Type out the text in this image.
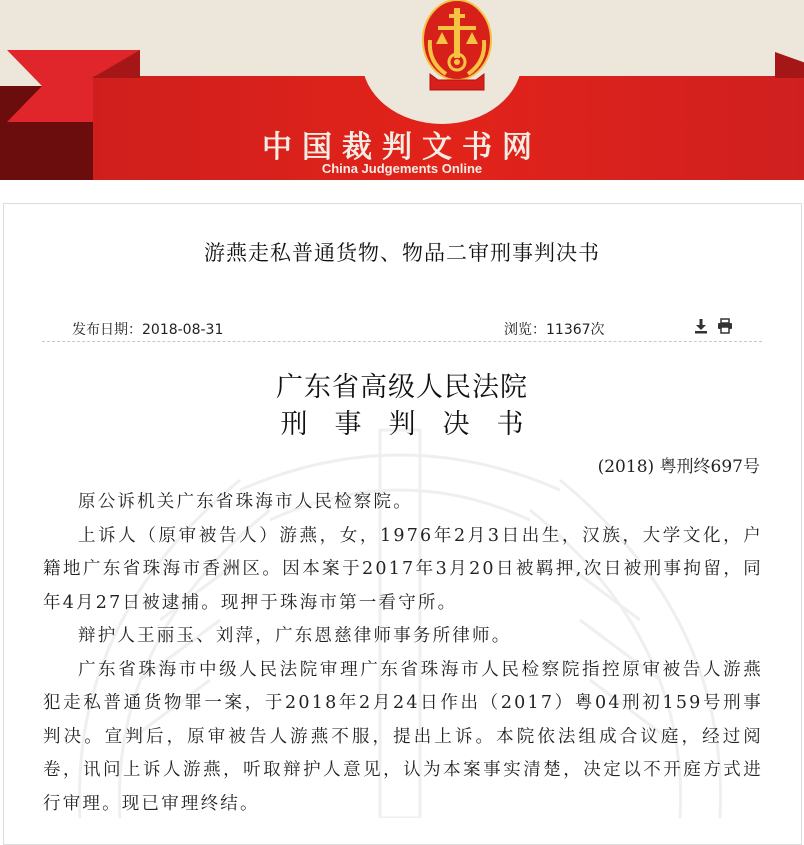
中国裁判文书网
China Judgements Online
游燕走私普通货物、物品二审刑事判决书
发布日期：2018-08-31	浏览：11367次
广东省高级人民法院
刑事判决书
(2018) 粤刑终697号

原公诉机关广东省珠海市人民检察院。

上诉人（原审被告人）游燕，女，1976年2月3日出生，汉族，大学文化，户籍地广东省珠海市香洲区。因本案于2017年3月20日被羁押,次日被刑事拘留，同年4月27日被逮捕。现押于珠海市第一看守所。

辩护人王丽玉、刘萍，广东恩慈律师事务所律师。

广东省珠海市中级人民法院审理广东省珠海市人民检察院指控原审被告人游燕犯走私普通货物罪一案，于2018年2月24日作出（2017）粤04刑初159号刑事判决。宣判后，原审被告人游燕不服，提出上诉。本院依法组成合议庭，经过阅卷，讯问上诉人游燕，听取辩护人意见，认为本案事实清楚，决定以不开庭方式进行审理。现已审理终结。
